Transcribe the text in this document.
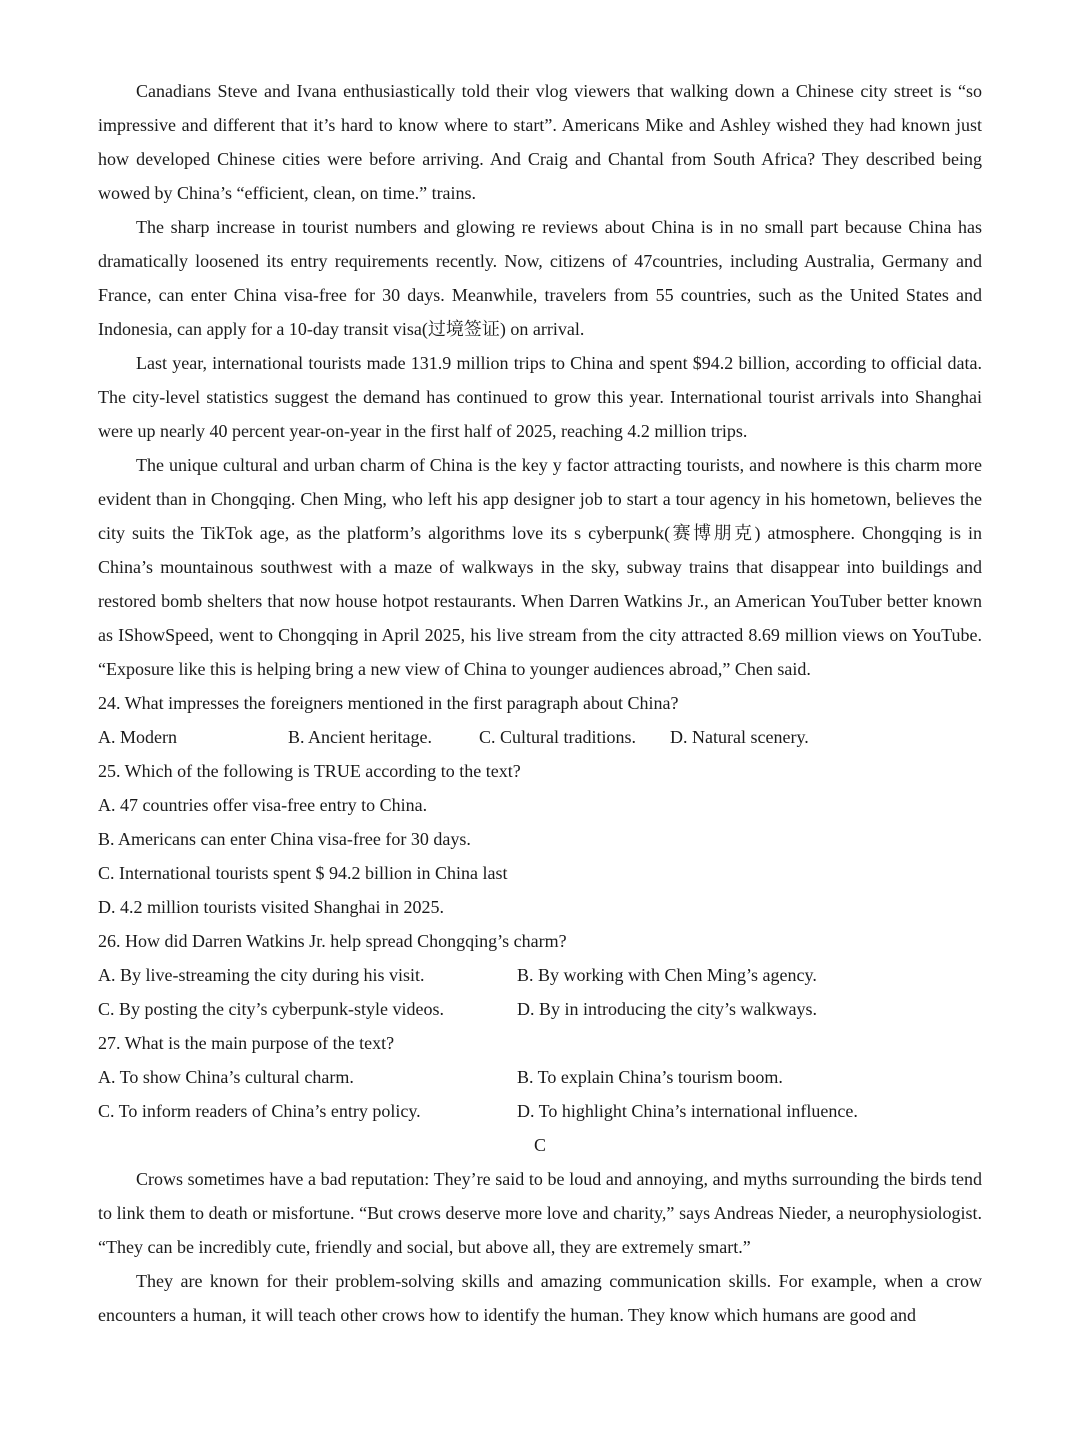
Canadians Steve and Ivana enthusiastically told their vlog viewers that walking down a Chinese city street is “so impressive and different that it’s hard to know where to start”. Americans Mike and Ashley wished they had known just how developed Chinese cities were before arriving. And Craig and Chantal from South Africa? They described being wowed by China’s “efficient, clean, on time.” trains.

The sharp increase in tourist numbers and glowing re reviews about China is in no small part because China has dramatically loosened its entry requirements recently. Now, citizens of 47countries, including Australia, Germany and France, can enter China visa-free for 30 days. Meanwhile, travelers from 55 countries, such as the United States and Indonesia, can apply for a 10-day transit visa(过境签证) on arrival.

Last year, international tourists made 131.9 million trips to China and spent $94.2 billion, according to official data. The city-level statistics suggest the demand has continued to grow this year. International tourist arrivals into Shanghai were up nearly 40 percent year-on-year in the first half of 2025, reaching 4.2 million trips.

The unique cultural and urban charm of China is the key y factor attracting tourists, and nowhere is this charm more evident than in Chongqing. Chen Ming, who left his app designer job to start a tour agency in his hometown, believes the city suits the TikTok age, as the platform’s algorithms love its s cyberpunk(赛博朋克) atmosphere. Chongqing is in China’s mountainous southwest with a maze of walkways in the sky, subway trains that disappear into buildings and restored bomb shelters that now house hotpot restaurants. When Darren Watkins Jr., an American YouTuber better known as IShowSpeed, went to Chongqing in April 2025, his live stream from the city attracted 8.69 million views on YouTube. “Exposure like this is helping bring a new view of China to younger audiences abroad,” Chen said.

24. What impresses the foreigners mentioned in the first paragraph about China?

A. Modern	B. Ancient heritage.	C. Cultural traditions.	D. Natural scenery.

25. Which of the following is TRUE according to the text?

A. 47 countries offer visa-free entry to China.
B. Americans can enter China visa-free for 30 days.
C. International tourists spent $ 94.2 billion in China last
D. 4.2 million tourists visited Shanghai in 2025.

26. How did Darren Watkins Jr. help spread Chongqing’s charm?

A. By live-streaming the city during his visit.	B. By working with Chen Ming’s agency.
C. By posting the city’s cyberpunk-style videos.	D. By in introducing the city’s walkways.

27. What is the main purpose of the text?

A. To show China’s cultural charm.	B. To explain China’s tourism boom.
C. To inform readers of China’s entry policy.	D. To highlight China’s international influence.
C

Crows sometimes have a bad reputation: They’re said to be loud and annoying, and myths surrounding the birds tend to link them to death or misfortune. “But crows deserve more love and charity,” says Andreas Nieder, a neurophysiologist. “They can be incredibly cute, friendly and social, but above all, they are extremely smart.”

They are known for their problem-solving skills and amazing communication skills. For example, when a crow encounters a human, it will teach other crows how to identify the human. They know which humans are good and
